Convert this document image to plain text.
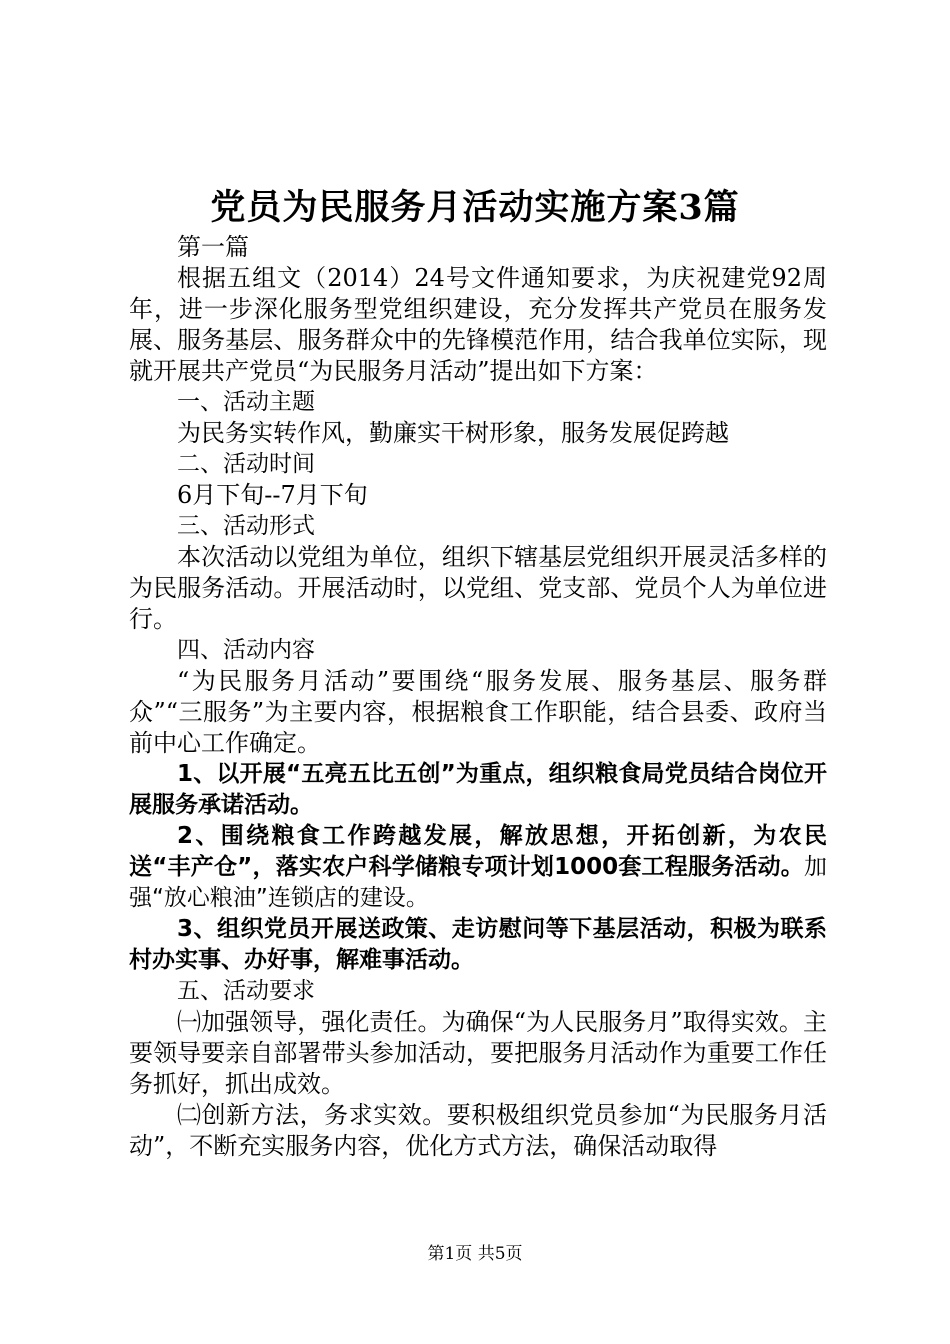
党员为民服务月活动实施方案3篇

第一篇

根据五组文（2014）24号文件通知要求，为庆祝建党92周年，进一步深化服务型党组织建设，充分发挥共产党员在服务发展、服务基层、服务群众中的先锋模范作用，结合我单位实际，现就开展共产党员“为民服务月活动”提出如下方案：

一、活动主题

为民务实转作风，勤廉实干树形象，服务发展促跨越

二、活动时间

6月下旬--7月下旬

三、活动形式

本次活动以党组为单位，组织下辖基层党组织开展灵活多样的为民服务活动。开展活动时，以党组、党支部、党员个人为单位进行。

四、活动内容

“为民服务月活动”要围绕“服务发展、服务基层、服务群众”“三服务”为主要内容，根据粮食工作职能，结合县委、政府当前中心工作确定。

1、以开展“五亮五比五创”为重点，组织粮食局党员结合岗位开展服务承诺活动。

2、围绕粮食工作跨越发展，解放思想，开拓创新，为农民送“丰产仓”，落实农户科学储粮专项计划1000套工程服务活动。加强“放心粮油”连锁店的建设。

3、组织党员开展送政策、走访慰问等下基层活动，积极为联系村办实事、办好事，解难事活动。

五、活动要求

㈠加强领导，强化责任。为确保“为人民服务月”取得实效。主要领导要亲自部署带头参加活动，要把服务月活动作为重要工作任务抓好，抓出成效。

㈡创新方法，务求实效。要积极组织党员参加“为民服务月活动”，不断充实服务内容，优化方式方法，确保活动取得

第1页 共5页
